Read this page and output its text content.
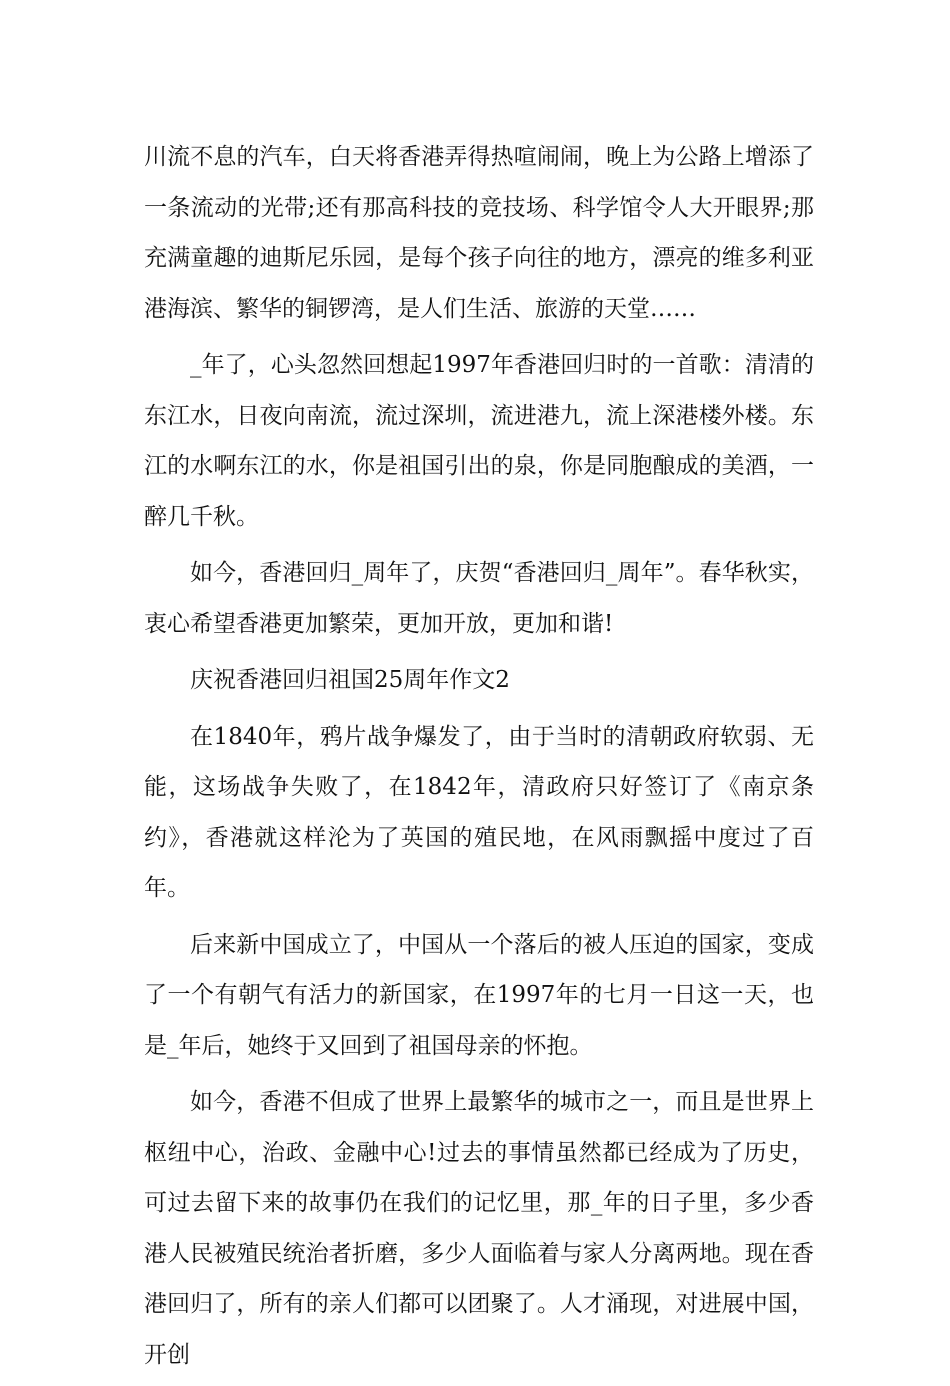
川流不息的汽车，白天将香港弄得热喧闹闹，晚上为公路上增添了一条流动的光带;还有那高科技的竞技场、科学馆令人大开眼界;那充满童趣的迪斯尼乐园，是每个孩子向往的地方，漂亮的维多利亚港海滨、繁华的铜锣湾，是人们生活、旅游的天堂……

_年了，心头忽然回想起1997年香港回归时的一首歌：清清的东江水，日夜向南流，流过深圳，流进港九，流上深港楼外楼。东江的水啊东江的水，你是祖国引出的泉，你是同胞酿成的美酒，一醉几千秋。

如今，香港回归_周年了，庆贺“香港回归_周年”。春华秋实，衷心希望香港更加繁荣，更加开放，更加和谐!

庆祝香港回归祖国25周年作文2

在1840年，鸦片战争爆发了，由于当时的清朝政府软弱、无能，这场战争失败了，在1842年，清政府只好签订了《南京条约》，香港就这样沦为了英国的殖民地，在风雨飘摇中度过了百年。

后来新中国成立了，中国从一个落后的被人压迫的国家，变成了一个有朝气有活力的新国家，在1997年的七月一日这一天，也是_年后，她终于又回到了祖国母亲的怀抱。

如今，香港不但成了世界上最繁华的城市之一，而且是世界上枢纽中心，治政、金融中心!过去的事情虽然都已经成为了历史，可过去留下来的故事仍在我们的记忆里，那_年的日子里，多少香港人民被殖民统治者折磨，多少人面临着与家人分离两地。现在香港回归了，所有的亲人们都可以团聚了。人才涌现，对进展中国，开创
